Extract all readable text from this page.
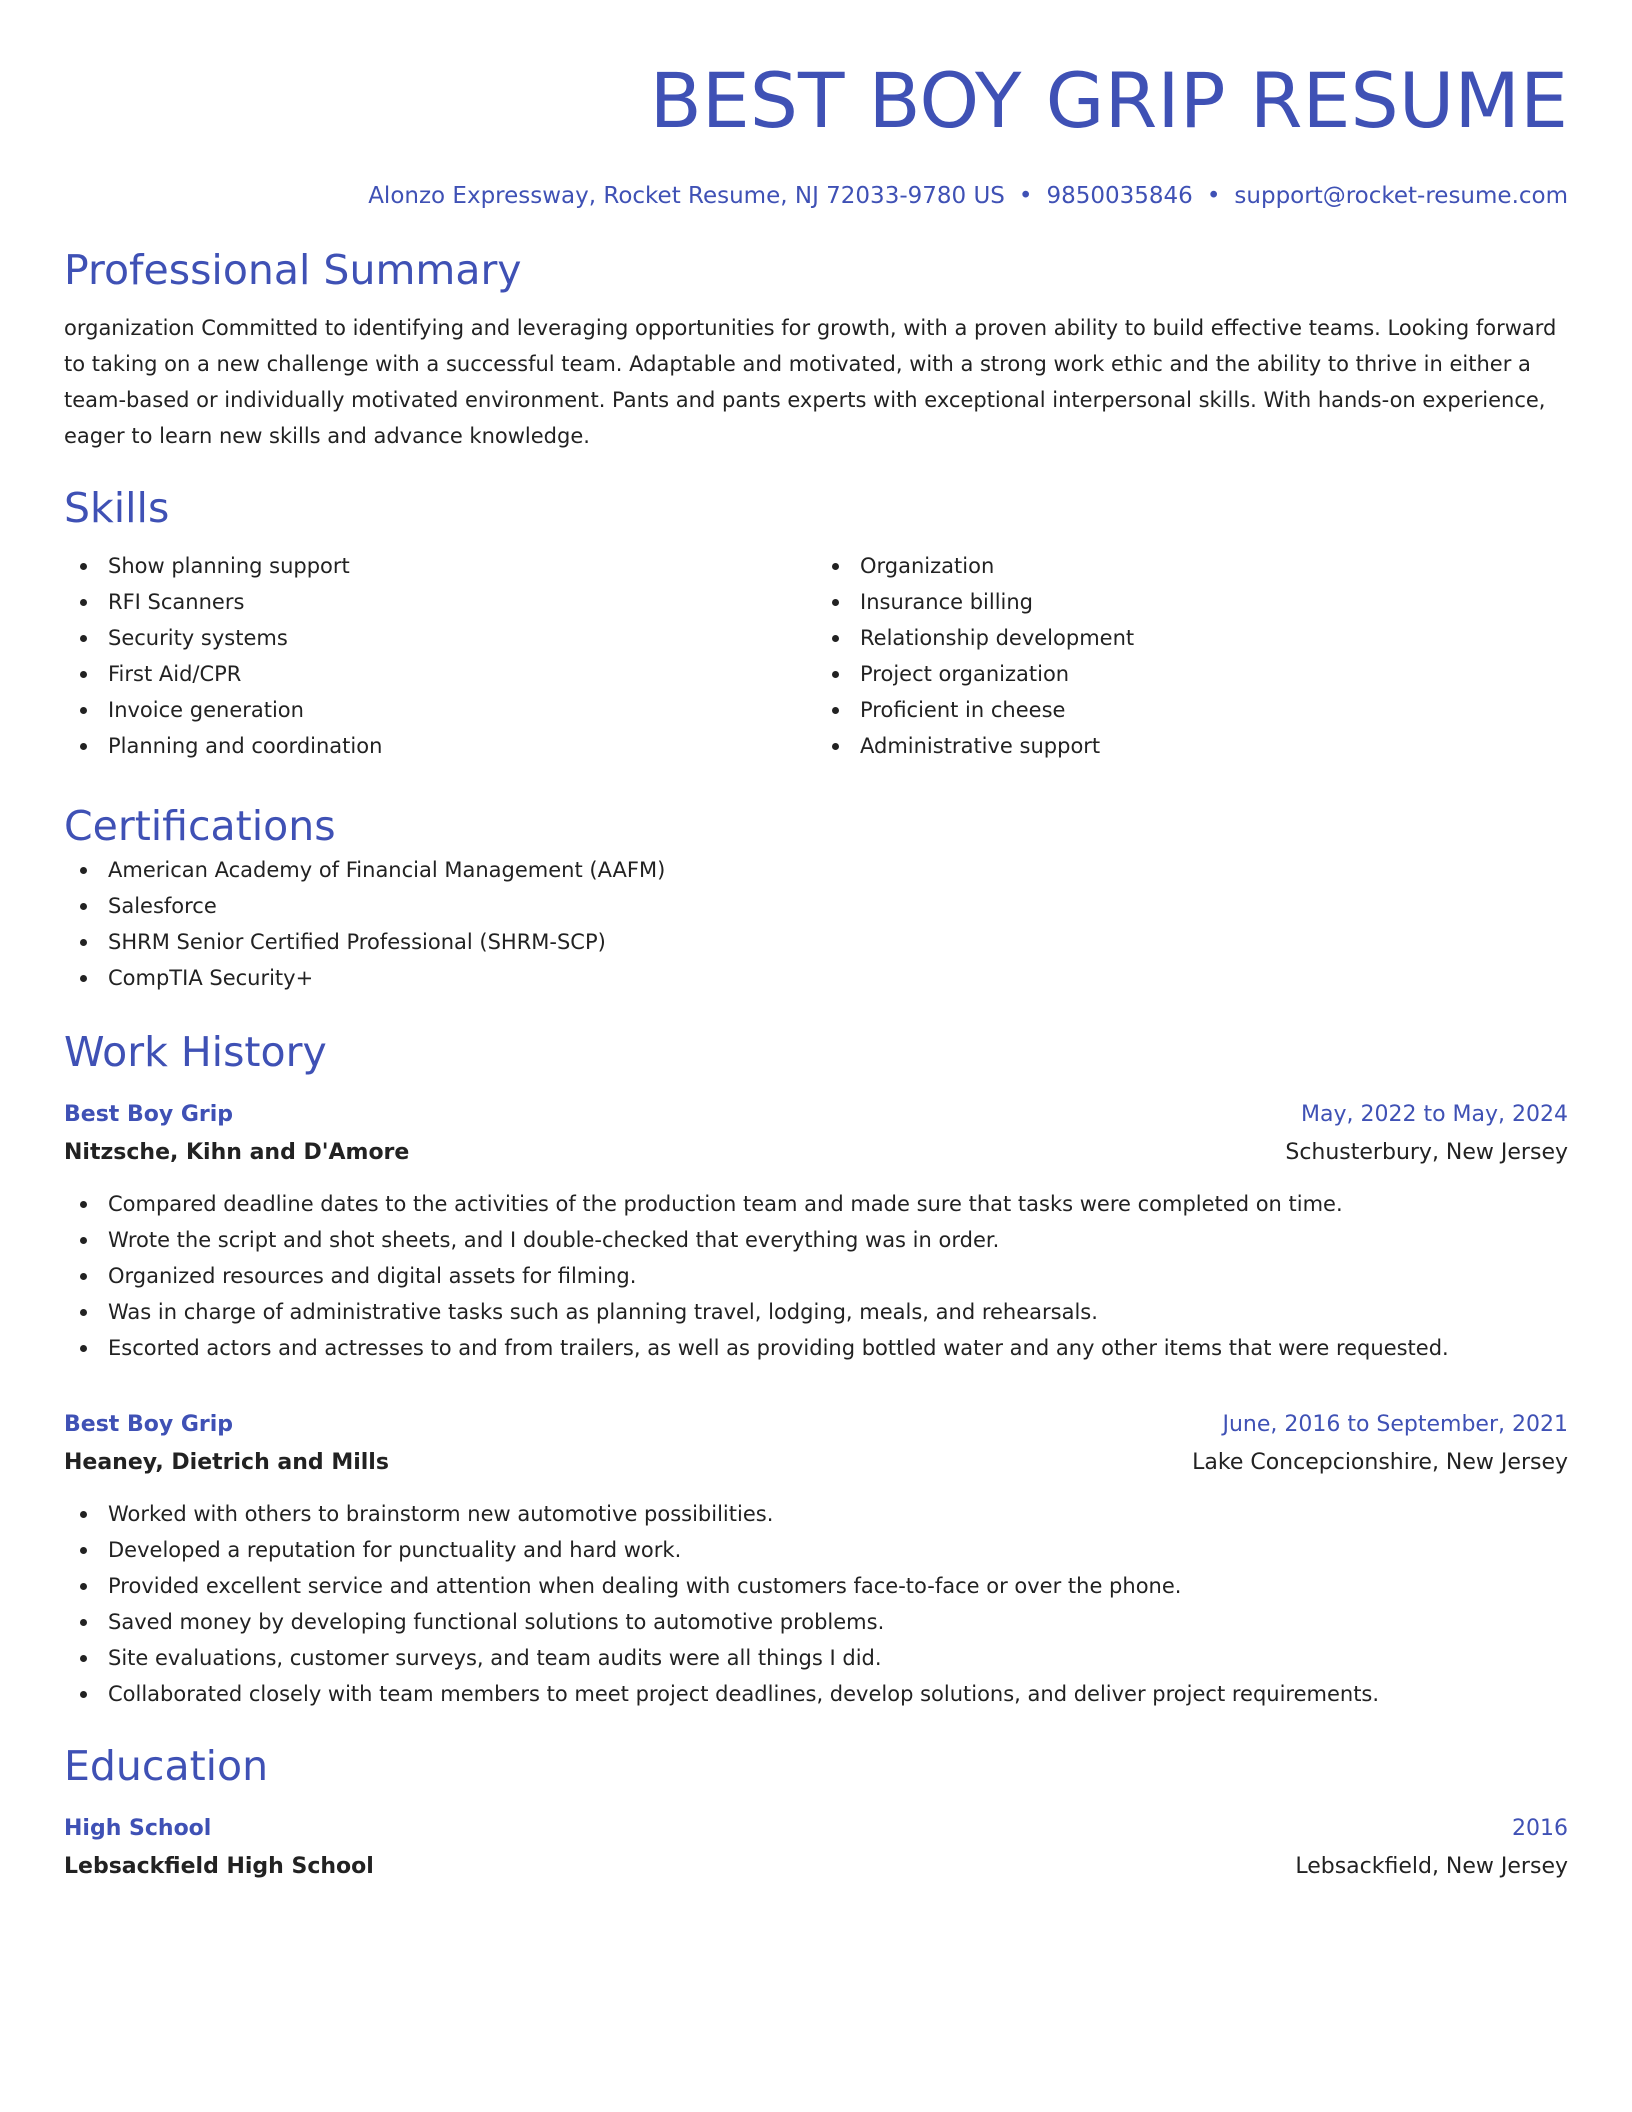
BEST BOY GRIP RESUME
Alonzo Expressway, Rocket Resume, NJ 72033-9780 US • 9850035846 • support@rocket-resume.com
Professional Summary

organization Committed to identifying and leveraging opportunities for growth, with a proven ability to build effective teams. Looking forward to taking on a new challenge with a successful team. Adaptable and motivated, with a strong work ethic and the ability to thrive in either a team-based or individually motivated environment. Pants and pants experts with exceptional interpersonal skills. With hands-on experience, eager to learn new skills and advance knowledge.

Skills
Show planning support
RFI Scanners
Security systems
First Aid/CPR
Invoice generation
Planning and coordination
Organization
Insurance billing
Relationship development
Project organization
Proficient in cheese
Administrative support
Certifications
American Academy of Financial Management (AAFM)
Salesforce
SHRM Senior Certified Professional (SHRM-SCP)
CompTIA Security+
Work History
Best Boy Grip	May, 2022 to May, 2024
Nitzsche, Kihn and D'Amore	Schusterbury, New Jersey
Compared deadline dates to the activities of the production team and made sure that tasks were completed on time.
Wrote the script and shot sheets, and I double-checked that everything was in order.
Organized resources and digital assets for filming.
Was in charge of administrative tasks such as planning travel, lodging, meals, and rehearsals.
Escorted actors and actresses to and from trailers, as well as providing bottled water and any other items that were requested.
Best Boy Grip	June, 2016 to September, 2021
Heaney, Dietrich and Mills	Lake Concepcionshire, New Jersey
Worked with others to brainstorm new automotive possibilities.
Developed a reputation for punctuality and hard work.
Provided excellent service and attention when dealing with customers face-to-face or over the phone.
Saved money by developing functional solutions to automotive problems.
Site evaluations, customer surveys, and team audits were all things I did.
Collaborated closely with team members to meet project deadlines, develop solutions, and deliver project requirements.
Education
High School	2016
Lebsackfield High School	Lebsackfield, New Jersey
